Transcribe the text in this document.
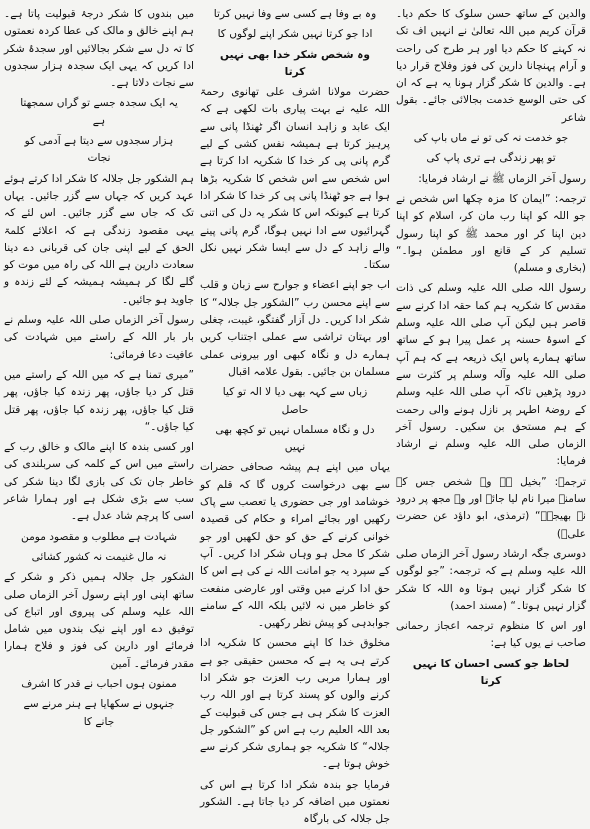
والدین کے ساتھ حسن سلوک کا حکم دیا۔ قرآن کریم میں اللہ تعالیٰ نے انہیں اف تک نہ کہنے کا حکم دیا اور ہر طرح کی راحت و آرام پہنچانا دارین کی فوز وفلاح قرار دیا ہے۔ والدین کا شکر گزار ہونا یہ ہے کہ ان کی حتی الوسع خدمت بجالائی جائے۔ بقول شاعر

جو خدمت نہ کی تو نے ماں باپ کی

تو پھر زندگی ہے تری پاپ کی

رسول آخر الزماں ﷺ نے ارشاد فرمایا:

ترجمہ: ”ایمان کا مزہ چکھا اس شخص نے جو اللہ کو اپنا رب مان کر، اسلام کو اپنا دین اپنا کر اور محمد ﷺ کو اپنا رسول تسلیم کر کے قانع اور مطمئن ہوا۔“ (بخاری و مسلم)

رسول اللہ صلی اللہ علیہ وسلم کی ذات مقدس کا شکریہ ہم کما حقہ ادا کرنے سے قاصر ہیں لیکن آپ صلی اللہ علیہ وسلم کے اسوۂ حسنہ پر عمل پیرا ہو کے ساتھ ساتھ ہمارے پاس ایک ذریعہ ہے کہ ہم آپ صلی اللہ علیہ وآلہ وسلم پر کثرت سے درود پڑھیں تاکہ آپ صلی اللہ علیہ وسلم کے روضۂ اطہر پر نازل ہونے والی رحمت کے ہم مستحق بن سکیں۔ رسول آخر الزماں صلی اللہ علیہ وسلم نے ارشاد فرمایا:

ترجمہ: ”بخیل ہے وہ شخص جس کے سامنے میرا نام لیا جائے اور وہ مجھ پر درود نہ بھیجے۔“ (ترمذی، ابو داؤد عن حضرت علیؓ)

دوسری جگہ ارشاد رسول آخر الزماں صلی اللہ علیہ وسلم ہے کہ ترجمہ: ”جو لوگوں کا شکر گزار نہیں ہوتا وہ اللہ کا شکر گزار نہیں ہوتا۔“ (مسند احمد)

اور اس کا منظوم ترجمہ اعجاز رحمانی صاحب نے یوں کیا ہے:

لحاظ جو کسی احسان کا نہیں کرتا

وہ بے وفا ہے کسی سے وفا نہیں کرتا

ادا جو کرتا نہیں شکر اپنے لوگوں کا

وہ شخص شکر خدا بھی نہیں کرتا

حضرت مولانا اشرف علی تھانوی رحمۃ اللہ علیہ نے بہت پیاری بات لکھی ہے کہ ایک عابد و زاہد انسان اگر ٹھنڈا پانی سے پرہیز کرتا ہے ہمیشہ نفس کشی کے لیے گرم پانی پی کر خدا کا شکریہ ادا کرتا ہے اس شخص سے اس شخص کا شکریہ بڑھا ہوا ہے جو ٹھنڈا پانی پی کر خدا کا شکر ادا کرتا ہے کیونکہ اس کا شکر یہ دل کی اتنی گہرائیوں سے ادا نہیں ہوگا، گرم پانی پینے والے زاہد کے دل سے ایسا شکر نہیں نکل سکتا۔

اب جو اپنے اعضاء و جوارح سے زبان و قلب سے اپنے محسن رب ”الشکور جل جلالہ“ کا شکر ادا کریں۔ دل آزار گفتگو، غیبت، چغلی اور بہتان تراشی سے عملی اجتناب کریں ہمارے دل و نگاہ کبھی اور بیرونی عملی مسلمان بن جائیں۔ بقول علامہ اقبال

زباں سے کہہ بھی دیا لا الہ تو کیا حاصل

دل و نگاہ مسلماں نہیں تو کچھ بھی نہیں

یہاں میں اپنے ہم پیشہ صحافی حضرات سے بھی درخواست کروں گا کہ قلم کو خوشامد اور جی حضوری یا تعصب سے پاک رکھیں اور بجائے امراء و حکام کی قصیدہ خوانی کرنے کے حق کو حق لکھیں اور جو شکر کا محل ہو وہاں شکر ادا کریں۔ آپ کے سپرد یہ جو امانت اللہ نے کی ہے اس کا حق ادا کرنے میں وقتی اور عارضی منفعت کو خاطر میں نہ لائیں بلکہ اللہ کے سامنے جوابدہی کو پیش نظر رکھیں۔

مخلوق خدا کا اپنے محسن کا شکریہ ادا کرتے ہی یہ ہے کہ محسن حقیقی جو ہے اور ہمارا مربی رب العزت جو شکر ادا کرنے والوں کو پسند کرتا ہے اور اللہ رب العزت کا شکر ہی ہے جس کی قبولیت کے بعد اللہ العلیم رب ہے اس کو ”الشکور جل جلالہ“ کا شکریہ جو ہماری شکر کرنے سے خوش ہوتا ہے۔

فرمایا جو بندہ شکر ادا کرتا ہے اس کی نعمتوں میں اضافہ کر دیا جاتا ہے۔ الشکور جل جلالہ کی بارگاہ

میں بندوں کا شکر درجۂ قبولیت پاتا ہے۔ ہم اپنے خالق و مالک کی عطا کردہ نعمتوں کا تہ دل سے شکر بجالائیں اور سجدۂ شکر ادا کریں کہ یہی ایک سجدہ ہزار سجدوں سے نجات دلاتا ہے۔

یہ ایک سجدہ جسے تو گراں سمجھتا ہے

ہزار سجدوں سے دیتا ہے آدمی کو نجات

ہم الشکور جل جلالہ کا شکر ادا کرتے ہوئے عہد کریں کہ جہاں سے گزر جائیں۔ یہاں تک کہ جاں سے گزر جائیں۔ اس لئے کہ یہی مقصود زندگی ہے کہ اعلائے کلمۃ الحق کے لیے اپنی جان کی قربانی دے دینا سعادت دارین ہے اللہ کی راہ میں موت کو گلے لگا کر ہمیشہ ہمیشہ کے لئے زندہ و جاوید ہو جائیں۔

رسول آخر الزماں صلی اللہ علیہ وسلم نے بار بار اللہ کے راستے میں شہادت کی عافیت دعا فرمائی:

”میری تمنا ہے کہ میں اللہ کے راستے میں قتل کر دیا جاؤں، پھر زندہ کیا جاؤں، پھر قتل کیا جاؤں، پھر زندہ کیا جاؤں، پھر قتل کیا جاؤں۔“

اور کسی بندہ کا اپنے مالک و خالق رب کے راستے میں اس کے کلمہ کی سربلندی کی خاطر جان تک کی بازی لگا دینا شکر کی سب سے بڑی شکل ہے اور ہمارا شاعر اسی کا پرچم شاد عدل ہے۔

شہادت ہے مطلوب و مقصود مومن

نہ مال غنیمت نہ کشور کشائی

الشکور جل جلالہ ہمیں ذکر و شکر کے ساتھ اپنی اور اپنے رسول آخر الزماں صلی اللہ علیہ وسلم کی پیروی اور اتباع کی توفیق دے اور اپنے نیک بندوں میں شامل فرمائے اور دارین کی فوز و فلاح ہمارا مقدر فرمائے۔ آمین

ممنون ہوں احباب نے قدر کا اشرف

جنہوں نے سکھایا ہے ہنر مرنے سے جانے کا
